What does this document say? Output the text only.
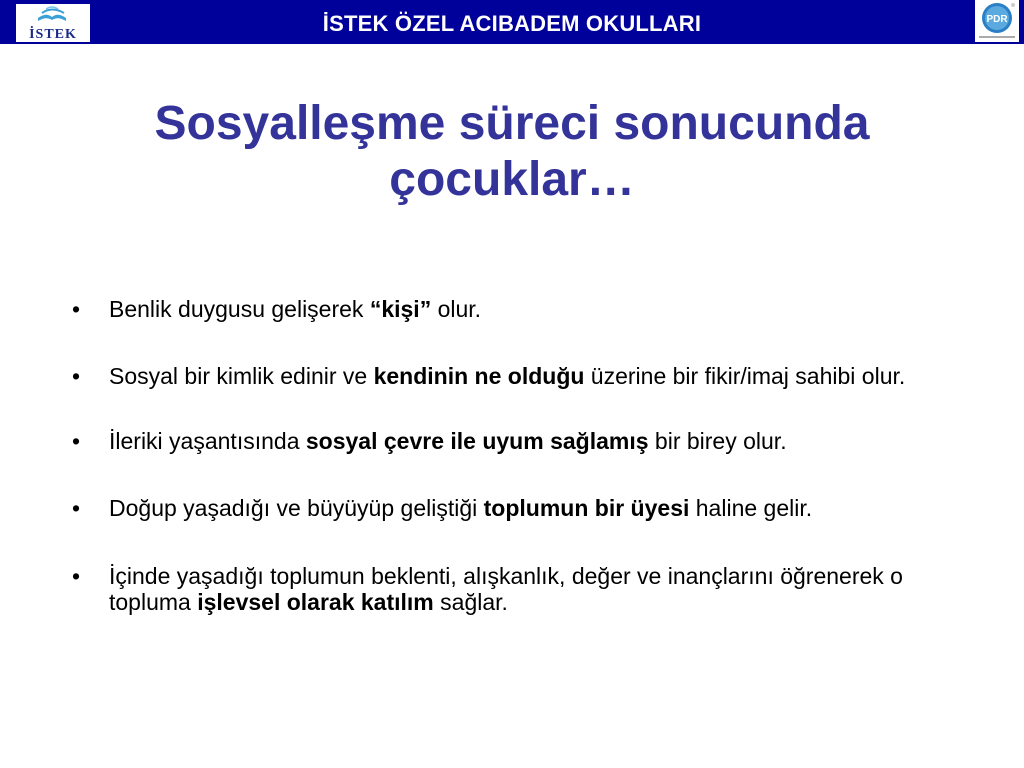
İSTEK ÖZEL ACIBADEM OKULLARI
İSTEK
PDR
Sosyalleşme süreci sonucunda çocuklar…
• Benlik duygusu gelişerek “kişi” olur.
• Sosyal bir kimlik edinir ve kendinin ne olduğu üzerine bir fikir/imaj sahibi olur.
• İleriki yaşantısında sosyal çevre ile uyum sağlamış bir birey olur.
• Doğup yaşadığı ve büyüyüp geliştiği toplumun bir üyesi haline gelir.
• İçinde yaşadığı toplumun beklenti, alışkanlık, değer ve inançlarını öğrenerek o topluma işlevsel olarak katılım sağlar.
